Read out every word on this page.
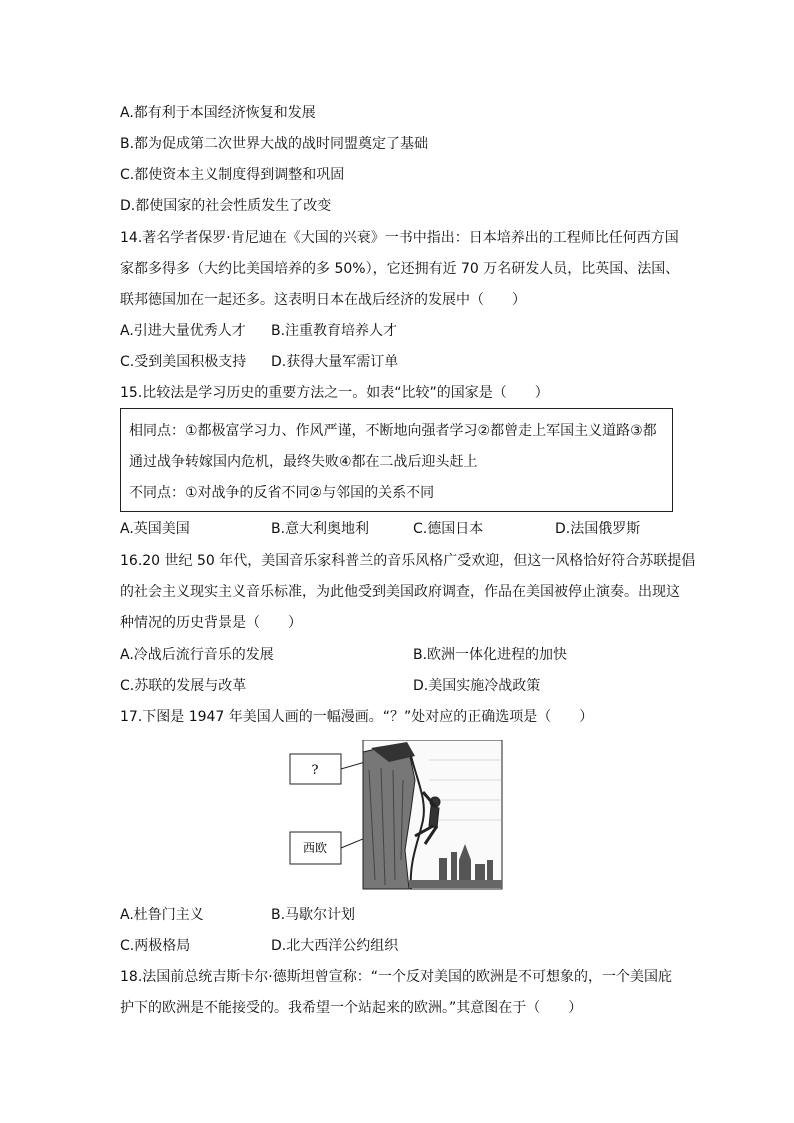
A.都有利于本国经济恢复和发展
B.都为促成第二次世界大战的战时同盟奠定了基础
C.都使资本主义制度得到调整和巩固
D.都使国家的社会性质发生了改变
14.著名学者保罗·肯尼迪在《大国的兴衰》一书中指出：日本培养出的工程师比任何西方国
家都多得多（大约比美国培养的多 50%），它还拥有近 70 万名研发人员，比英国、法国、
联邦德国加在一起还多。这表明日本在战后经济的发展中（　　）
A.引进大量优秀人才 B.注重教育培养人才
C.受到美国积极支持 D.获得大量军需订单
15.比较法是学习历史的重要方法之一。如表“比较”的国家是（　　）
相同点：①都极富学习力、作风严谨，不断地向强者学习②都曾走上军国主义道路③都
通过战争转嫁国内危机，最终失败④都在二战后迎头赶上
不同点：①对战争的反省不同②与邻国的关系不同
A.英国美国	B.意大利奥地利	C.德国日本	D.法国俄罗斯
16.20 世纪 50 年代，美国音乐家科普兰的音乐风格广受欢迎，但这一风格恰好符合苏联提倡
的社会主义现实主义音乐标准，为此他受到美国政府调查，作品在美国被停止演奏。出现这
种情况的历史背景是（　　）
A.冷战后流行音乐的发展	B.欧洲一体化进程的加快
C.苏联的发展与改革	D.美国实施冷战政策
17.下图是 1947 年美国人画的一幅漫画。“？”处对应的正确选项是（　　）
?
西欧
A.杜鲁门主义	B.马歇尔计划
C.两极格局	D.北大西洋公约组织
18.法国前总统吉斯卡尔·德斯坦曾宣称：“一个反对美国的欧洲是不可想象的，一个美国庇
护下的欧洲是不能接受的。我希望一个站起来的欧洲。”其意图在于（　　）
